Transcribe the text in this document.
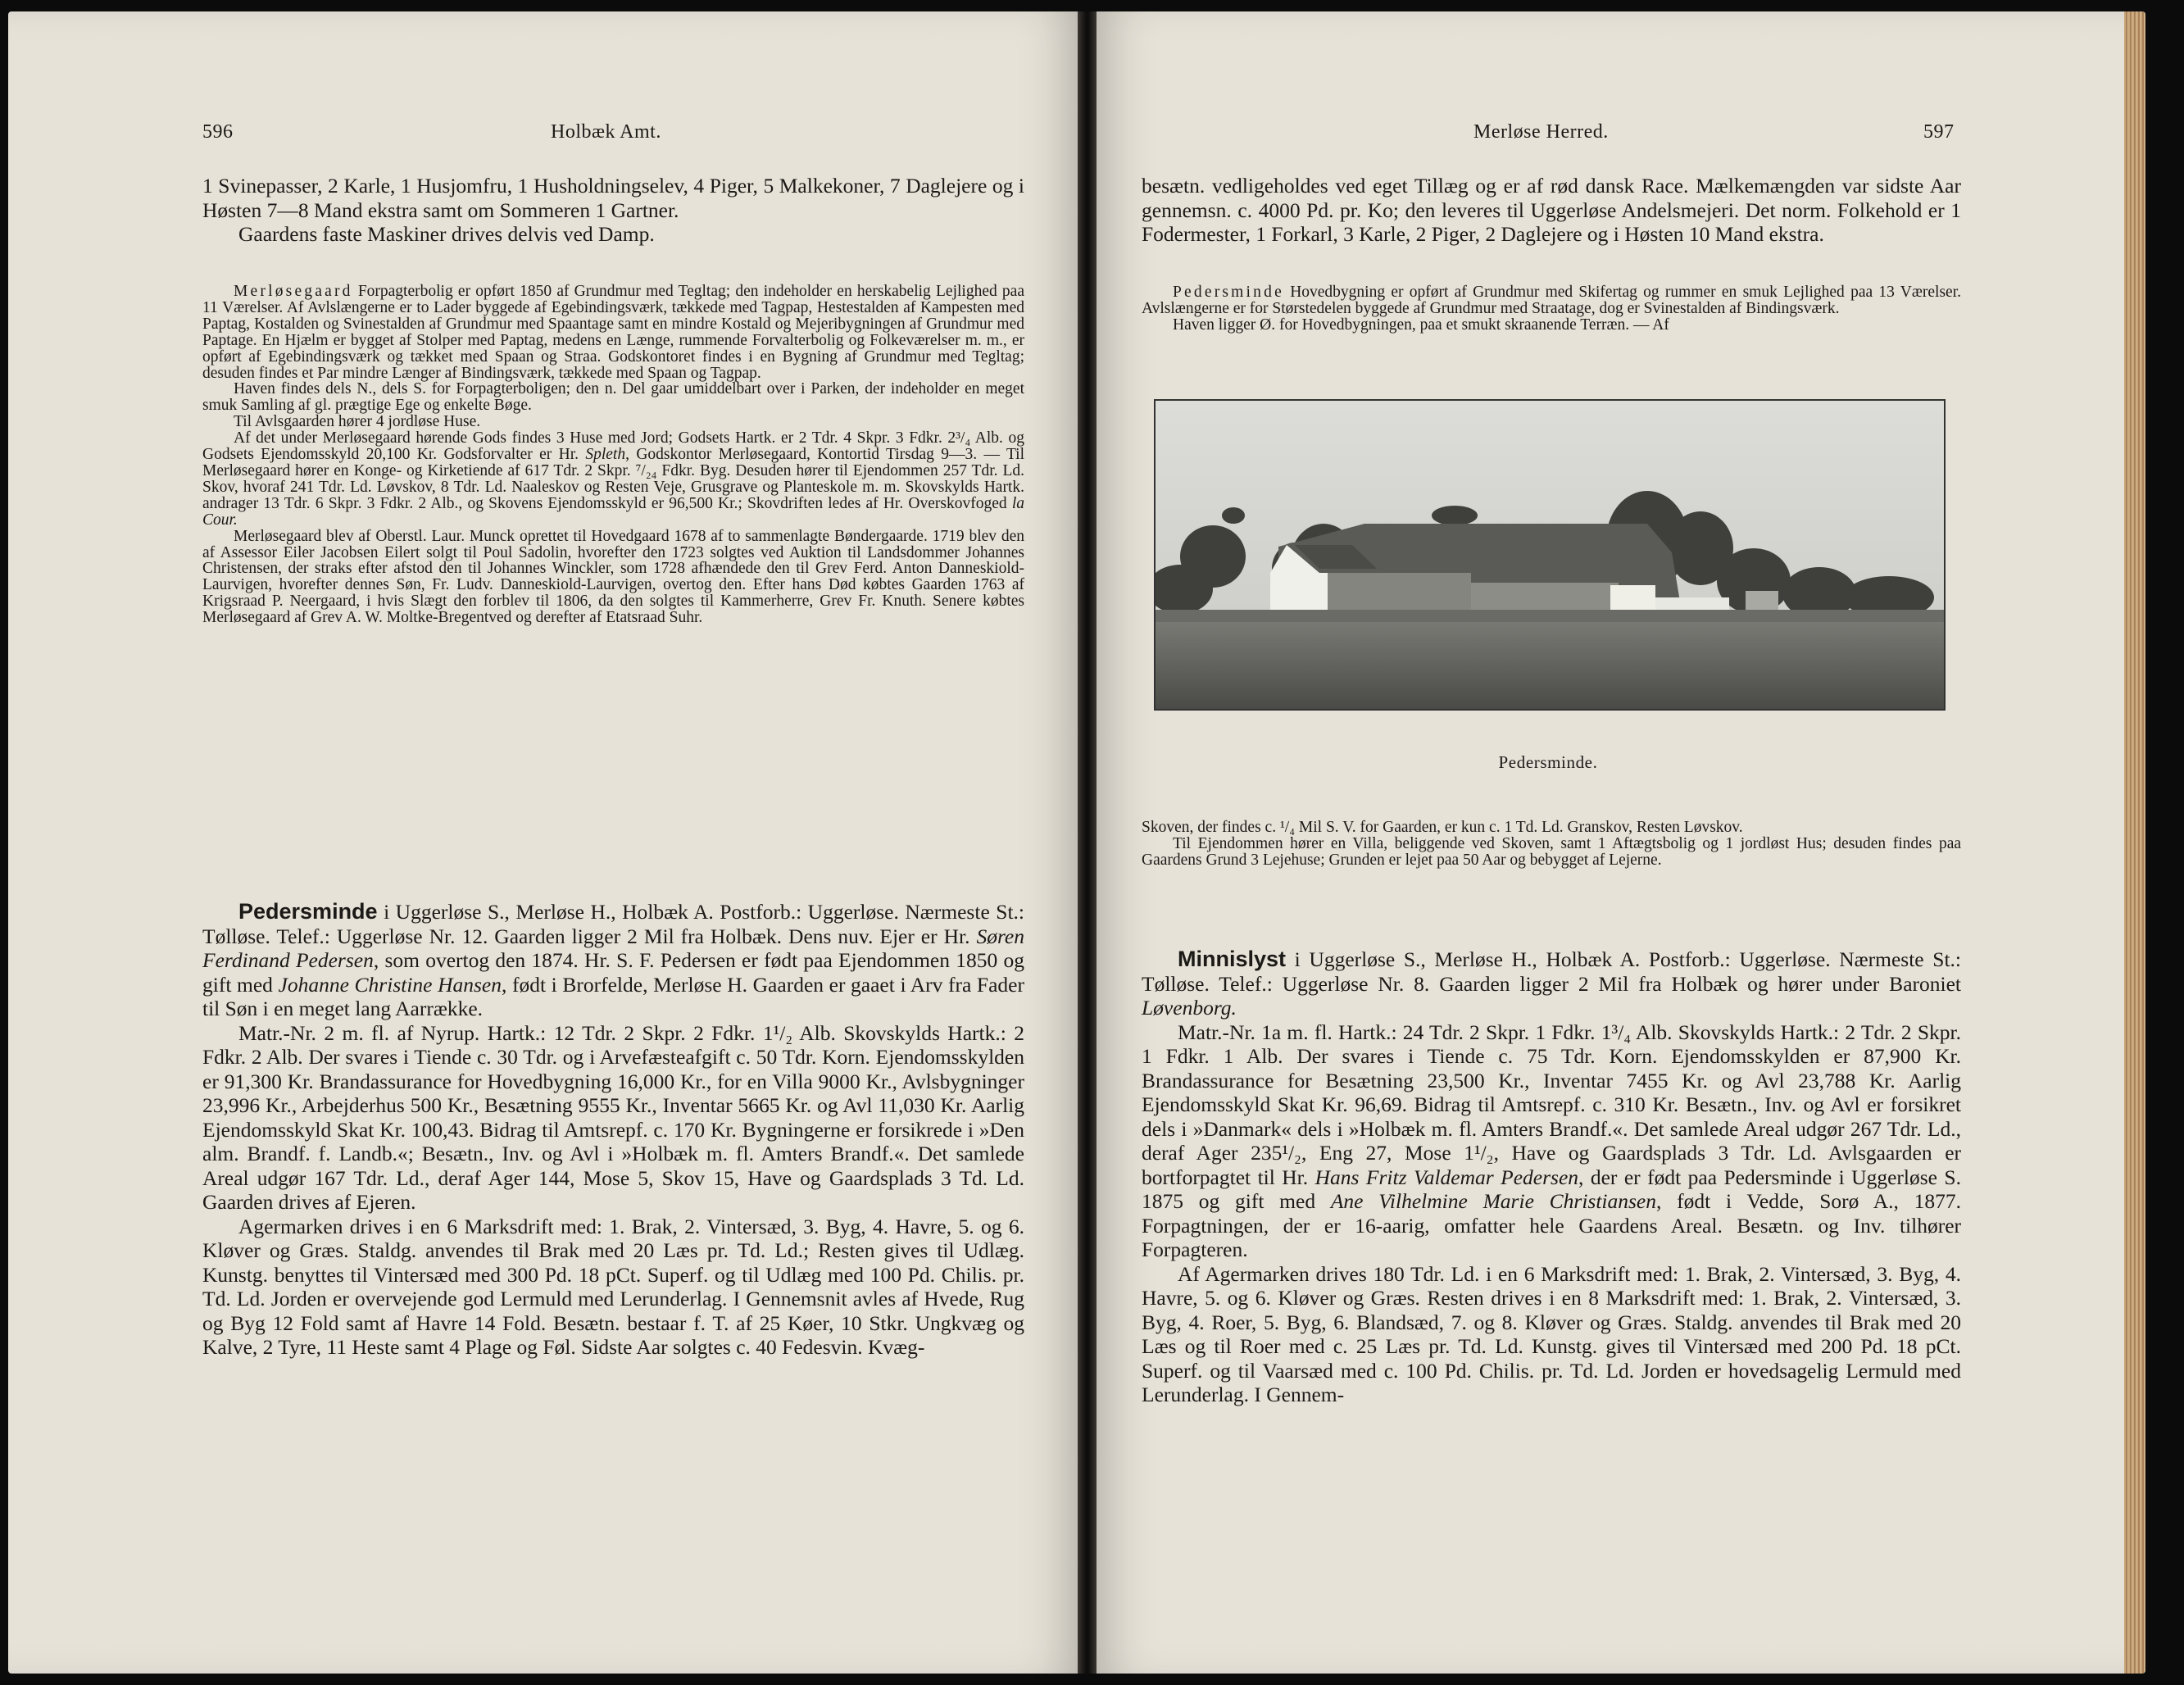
596	Holbæk Amt.

1 Svinepasser, 2 Karle, 1 Husjomfru, 1 Husholdningselev, 4 Piger, 5 Malkekoner, 7 Daglejere og i Høsten 7—8 Mand ekstra samt om Sommeren 1 Gartner.

Gaardens faste Maskiner drives delvis ved Damp.

Merløsegaard Forpagterbolig er opført 1850 af Grundmur med Tegltag; den indeholder en herskabelig Lejlighed paa 11 Værelser. Af Avlslængerne er to Lader byggede af Egebindingsværk, tækkede med Tagpap, Hestestalden af Kampesten med Paptag, Kostalden og Svinestalden af Grundmur med Spaantage samt en mindre Kostald og Mejeribygningen af Grundmur med Paptage. En Hjælm er bygget af Stolper med Paptag, medens en Længe, rummende Forvalterbolig og Folkeværelser m. m., er opført af Egebindingsværk og tækket med Spaan og Straa. Godskontoret findes i en Bygning af Grundmur med Tegltag; desuden findes et Par mindre Længer af Bindingsværk, tækkede med Spaan og Tagpap.

Haven findes dels N., dels S. for Forpagterboligen; den n. Del gaar umiddelbart over i Parken, der indeholder en meget smuk Samling af gl. prægtige Ege og enkelte Bøge.

Til Avlsgaarden hører 4 jordløse Huse.

Af det under Merløsegaard hørende Gods findes 3 Huse med Jord; Godsets Hartk. er 2 Tdr. 4 Skpr. 3 Fdkr. 2³/₄ Alb. og Godsets Ejendomsskyld 20,100 Kr. Godsforvalter er Hr. Spleth, Godskontor Merløsegaard, Kontortid Tirsdag 9—3. — Til Merløsegaard hører en Konge- og Kirketiende af 617 Tdr. 2 Skpr. ⁷/₂₄ Fdkr. Byg. Desuden hører til Ejendommen 257 Tdr. Ld. Skov, hvoraf 241 Tdr. Ld. Løvskov, 8 Tdr. Ld. Naaleskov og Resten Veje, Grusgrave og Planteskole m. m. Skovskylds Hartk. andrager 13 Tdr. 6 Skpr. 3 Fdkr. 2 Alb., og Skovens Ejendomsskyld er 96,500 Kr.; Skovdriften ledes af Hr. Overskovfoged la Cour.

Merløsegaard blev af Oberstl. Laur. Munck oprettet til Hovedgaard 1678 af to sammenlagte Bøndergaarde. 1719 blev den af Assessor Eiler Jacobsen Eilert solgt til Poul Sadolin, hvorefter den 1723 solgtes ved Auktion til Landsdommer Johannes Christensen, der straks efter afstod den til Johannes Winckler, som 1728 afhændede den til Grev Ferd. Anton Danneskiold-Laurvigen, hvorefter dennes Søn, Fr. Ludv. Danneskiold-Laurvigen, overtog den. Efter hans Død købtes Gaarden 1763 af Krigsraad P. Neergaard, i hvis Slægt den forblev til 1806, da den solgtes til Kammerherre, Grev Fr. Knuth. Senere købtes Merløsegaard af Grev A. W. Moltke-Bregentved og derefter af Etatsraad Suhr.

Pedersminde i Uggerløse S., Merløse H., Holbæk A. Postforb.: Uggerløse. Nærmeste St.: Tølløse. Telef.: Uggerløse Nr. 12. Gaarden ligger 2 Mil fra Holbæk. Dens nuv. Ejer er Hr. Søren Ferdinand Pedersen, som overtog den 1874. Hr. S. F. Pedersen er født paa Ejendommen 1850 og gift med Johanne Christine Hansen, født i Brorfelde, Merløse H. Gaarden er gaaet i Arv fra Fader til Søn i en meget lang Aarrække.

Matr.-Nr. 2 m. fl. af Nyrup. Hartk.: 12 Tdr. 2 Skpr. 2 Fdkr. 1¹/₂ Alb. Skovskylds Hartk.: 2 Fdkr. 2 Alb. Der svares i Tiende c. 30 Tdr. og i Arvefæsteafgift c. 50 Tdr. Korn. Ejendomsskylden er 91,300 Kr. Brandassurance for Hovedbygning 16,000 Kr., for en Villa 9000 Kr., Avlsbygninger 23,996 Kr., Arbejderhus 500 Kr., Besætning 9555 Kr., Inventar 5665 Kr. og Avl 11,030 Kr. Aarlig Ejendomsskyld Skat Kr. 100,43. Bidrag til Amtsrepf. c. 170 Kr. Bygningerne er forsikrede i »Den alm. Brandf. f. Landb.«; Besætn., Inv. og Avl i »Holbæk m. fl. Amters Brandf.«. Det samlede Areal udgør 167 Tdr. Ld., deraf Ager 144, Mose 5, Skov 15, Have og Gaardsplads 3 Td. Ld. Gaarden drives af Ejeren.

Agermarken drives i en 6 Marksdrift med: 1. Brak, 2. Vintersæd, 3. Byg, 4. Havre, 5. og 6. Kløver og Græs. Staldg. anvendes til Brak med 20 Læs pr. Td. Ld.; Resten gives til Udlæg. Kunstg. benyttes til Vintersæd med 300 Pd. 18 pCt. Superf. og til Udlæg med 100 Pd. Chilis. pr. Td. Ld. Jorden er overvejende god Lermuld med Lerunderlag. I Gennemsnit avles af Hvede, Rug og Byg 12 Fold samt af Havre 14 Fold. Besætn. bestaar f. T. af 25 Køer, 10 Stkr. Ungkvæg og Kalve, 2 Tyre, 11 Heste samt 4 Plage og Føl. Sidste Aar solgtes c. 40 Fedesvin. Kvæg-

Merløse Herred.	597

besætn. vedligeholdes ved eget Tillæg og er af rød dansk Race. Mælkemængden var sidste Aar gennemsn. c. 4000 Pd. pr. Ko; den leveres til Uggerløse Andelsmejeri. Det norm. Folkehold er 1 Fodermester, 1 Forkarl, 3 Karle, 2 Piger, 2 Daglejere og i Høsten 10 Mand ekstra.

Pedersminde Hovedbygning er opført af Grundmur med Skifertag og rummer en smuk Lejlighed paa 13 Værelser. Avlslængerne er for Størstedelen byggede af Grundmur med Straatage, dog er Svinestalden af Bindingsværk.

Haven ligger Ø. for Hovedbygningen, paa et smukt skraanende Terræn. — Af

Pedersminde.

Skoven, der findes c. ¹/₄ Mil S. V. for Gaarden, er kun c. 1 Td. Ld. Granskov, Resten Løvskov.

Til Ejendommen hører en Villa, beliggende ved Skoven, samt 1 Aftægtsbolig og 1 jordløst Hus; desuden findes paa Gaardens Grund 3 Lejehuse; Grunden er lejet paa 50 Aar og bebygget af Lejerne.

Minnislyst i Uggerløse S., Merløse H., Holbæk A. Postforb.: Uggerløse. Nærmeste St.: Tølløse. Telef.: Uggerløse Nr. 8. Gaarden ligger 2 Mil fra Holbæk og hører under Baroniet Løvenborg.

Matr.-Nr. 1a m. fl. Hartk.: 24 Tdr. 2 Skpr. 1 Fdkr. 1³/₄ Alb. Skovskylds Hartk.: 2 Tdr. 2 Skpr. 1 Fdkr. 1 Alb. Der svares i Tiende c. 75 Tdr. Korn. Ejendomsskylden er 87,900 Kr. Brandassurance for Besætning 23,500 Kr., Inventar 7455 Kr. og Avl 23,788 Kr. Aarlig Ejendomsskyld Skat Kr. 96,69. Bidrag til Amtsrepf. c. 310 Kr. Besætn., Inv. og Avl er forsikret dels i »Danmark« dels i »Holbæk m. fl. Amters Brandf.«. Det samlede Areal udgør 267 Tdr. Ld., deraf Ager 235¹/₂, Eng 27, Mose 1¹/₂, Have og Gaardsplads 3 Tdr. Ld. Avlsgaarden er bortforpagtet til Hr. Hans Fritz Valdemar Pedersen, der er født paa Pedersminde i Uggerløse S. 1875 og gift med Ane Vilhelmine Marie Christiansen, født i Vedde, Sorø A., 1877. Forpagtningen, der er 16-aarig, omfatter hele Gaardens Areal. Besætn. og Inv. tilhører Forpagteren.

Af Agermarken drives 180 Tdr. Ld. i en 6 Marksdrift med: 1. Brak, 2. Vintersæd, 3. Byg, 4. Havre, 5. og 6. Kløver og Græs. Resten drives i en 8 Marksdrift med: 1. Brak, 2. Vintersæd, 3. Byg, 4. Roer, 5. Byg, 6. Blandsæd, 7. og 8. Kløver og Græs. Staldg. anvendes til Brak med 20 Læs og til Roer med c. 25 Læs pr. Td. Ld. Kunstg. gives til Vintersæd med 200 Pd. 18 pCt. Superf. og til Vaarsæd med c. 100 Pd. Chilis. pr. Td. Ld. Jorden er hovedsagelig Lermuld med Lerunderlag. I Gennem-
